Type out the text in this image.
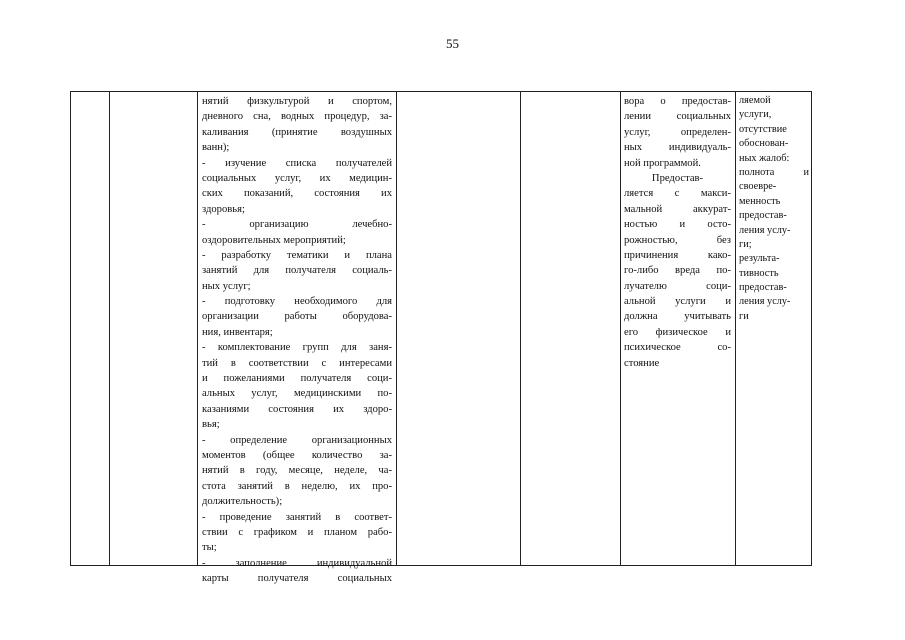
55
нятий физкультурой и спортом,
дневного сна, водных процедур, за-
каливания (принятие воздушных
ванн);
- изучение списка получателей
социальных услуг, их медицин-
ских показаний, состояния их
здоровья;
- организацию лечебно-
оздоровительных мероприятий;
- разработку тематики и плана
занятий для получателя социаль-
ных услуг;
- подготовку необходимого для
организации работы оборудова-
ния, инвентаря;
- комплектование групп для заня-
тий в соответствии с интересами
и пожеланиями получателя соци-
альных услуг, медицинскими по-
казаниями состояния их здоро-
вья;
- определение организационных
моментов (общее количество за-
нятий в году, месяце, неделе, ча-
стота занятий в неделю, их про-
должительность);
- проведение занятий в соответ-
ствии с графиком и планом рабо-
ты;
- заполнение индивидуальной
карты получателя социальных
вора о предостав-
лении социальных
услуг, определен-
ных индивидуаль-
ной программой.
Предостав-
ляется с макси-
мальной аккурат-
ностью и осто-
рожностью, без
причинения како-
го-либо вреда по-
лучателю соци-
альной услуги и
должна учитывать
его физическое и
психическое со-
стояние
ляемой
услуги,
отсутствие
обоснован-
ных жалоб:
полнота и
своевре-
менность
предостав-
ления услу-
ги;
результа-
тивность
предостав-
ления услу-
ги
